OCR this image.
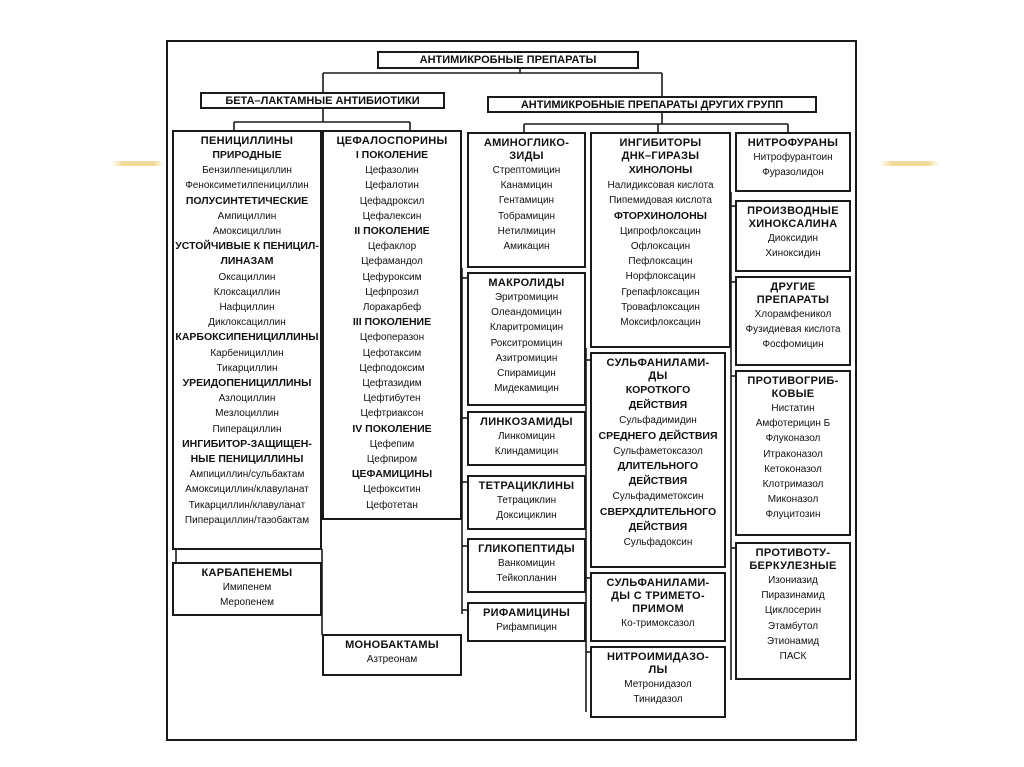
АНТИМИКРОБНЫЕ ПРЕПАРАТЫ
БЕТА–ЛАКТАМНЫЕ АНТИБИОТИКИ	АНТИМИКРОБНЫЕ ПРЕПАРАТЫ ДРУГИХ ГРУПП
ПЕНИЦИЛЛИНЫ
ПРИРОДНЫЕ
Бензилпенициллин
Феноксиметилпенициллин
ПОЛУСИНТЕТИЧЕСКИЕ
Ампициллин
Амоксициллин
УСТОЙЧИВЫЕ К ПЕНИЦИЛ-
ЛИНАЗАМ
Оксациллин
Клоксациллин
Нафциллин
Диклоксациллин
КАРБОКСИПЕНИЦИЛЛИНЫ
Карбенициллин
Тикарциллин
УРЕИДОПЕНИЦИЛЛИНЫ
Азлоциллин
Мезлоциллин
Пиперациллин
ИНГИБИТОР-ЗАЩИЩЕН-
НЫЕ ПЕНИЦИЛЛИНЫ
Ампициллин/сульбактам
Амоксициллин/клавуланат
Тикарциллин/клавуланат
Пиперациллин/тазобактам
КАРБАПЕНЕМЫ
Имипенем
Меропенем
ЦЕФАЛОСПОРИНЫ
I ПОКОЛЕНИЕ
Цефазолин
Цефалотин
Цефадроксил
Цефалексин
II ПОКОЛЕНИЕ
Цефаклор
Цефамандол
Цефуроксим
Цефпрозил
Лоракарбеф
III ПОКОЛЕНИЕ
Цефоперазон
Цефотаксим
Цефподоксим
Цефтазидим
Цефтибутен
Цефтриаксон
IV ПОКОЛЕНИЕ
Цефепим
Цефпиром
ЦЕФАМИЦИНЫ
Цефокситин
Цефотетан
МОНОБАКТАМЫ
Азтреонам
АМИНОГЛИКО-
ЗИДЫ
Стрептомицин
Канамицин
Гентамицин
Тобрамицин
Нетилмицин
Амикацин
МАКРОЛИДЫ
Эритромицин
Олеандомицин
Кларитромицин
Рокситромицин
Азитромицин
Спирамицин
Мидекамицин
ЛИНКОЗАМИДЫ
Линкомицин
Клиндамицин
ТЕТРАЦИКЛИНЫ
Тетрациклин
Доксициклин
ГЛИКОПЕПТИДЫ
Ванкомицин
Тейкопланин
РИФАМИЦИНЫ
Рифампицин
ИНГИБИТОРЫ
ДНК–ГИРАЗЫ
ХИНОЛОНЫ
Налидиксовая кислота
Пипемидовая кислота
ФТОРХИНОЛОНЫ
Ципрофлоксацин
Офлоксацин
Пефлоксацин
Норфлоксацин
Грепафлоксацин
Тровафлоксацин
Моксифлоксацин
СУЛЬФАНИЛАМИ-
ДЫ
КОРОТКОГО
ДЕЙСТВИЯ
Сульфадимидин
СРЕДНЕГО ДЕЙСТВИЯ
Сульфаметоксазол
ДЛИТЕЛЬНОГО
ДЕЙСТВИЯ
Сульфадиметоксин
СВЕРХДЛИТЕЛЬНОГО
ДЕЙСТВИЯ
Сульфадоксин
СУЛЬФАНИЛАМИ-
ДЫ С ТРИМЕТО-
ПРИМОМ
Ко-тримоксазол
НИТРОИМИДАЗО-
ЛЫ
Метронидазол
Тинидазол
НИТРОФУРАНЫ
Нитрофурантоин
Фуразолидон
ПРОИЗВОДНЫЕ
ХИНОКСАЛИНА
Диоксидин
Хиноксидин
ДРУГИЕ
ПРЕПАРАТЫ
Хлорамфеникол
Фузидиевая кислота
Фосфомицин
ПРОТИВОГРИБ-
КОВЫЕ
Нистатин
Амфотерицин Б
Флуконазол
Итраконазол
Кетоконазол
Клотримазол
Миконазол
Флуцитозин
ПРОТИВОТУ-
БЕРКУЛЕЗНЫЕ
Изониазид
Пиразинамид
Циклосерин
Этамбутол
Этионамид
ПАСК
